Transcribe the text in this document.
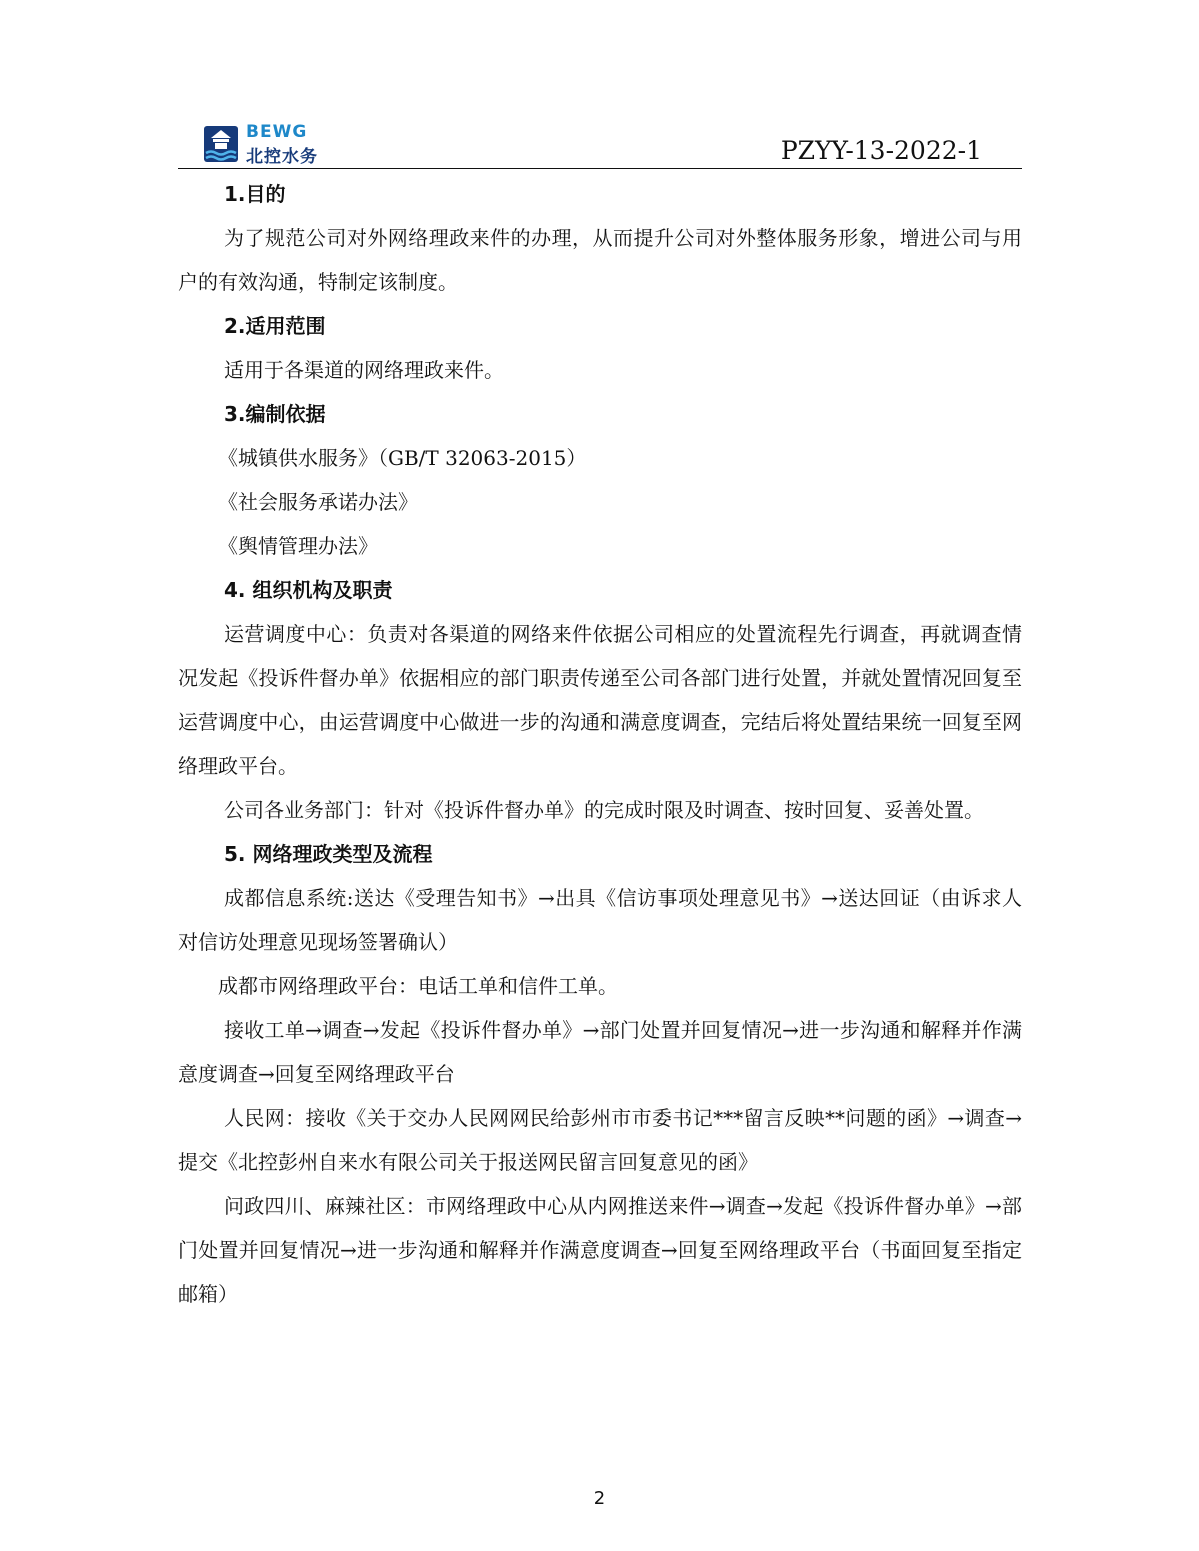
BEWG
北控水务	PZYY-13-2022-1
1.目的
为了规范公司对外网络理政来件的办理，从而提升公司对外整体服务形象，增进公司与用户的有效沟通，特制定该制度。
2.适用范围
适用于各渠道的网络理政来件。
3.编制依据
《城镇供水服务》（GB/T 32063-2015）
《社会服务承诺办法》
《舆情管理办法》
4. 组织机构及职责
运营调度中心：负责对各渠道的网络来件依据公司相应的处置流程先行调查，再就调查情况发起《投诉件督办单》依据相应的部门职责传递至公司各部门进行处置，并就处置情况回复至运营调度中心，由运营调度中心做进一步的沟通和满意度调查，完结后将处置结果统一回复至网络理政平台。
公司各业务部门：针对《投诉件督办单》的完成时限及时调查、按时回复、妥善处置。
5. 网络理政类型及流程
成都信息系统:送达《受理告知书》→出具《信访事项处理意见书》→送达回证（由诉求人对信访处理意见现场签署确认）
成都市网络理政平台：电话工单和信件工单。
接收工单→调查→发起《投诉件督办单》→部门处置并回复情况→进一步沟通和解释并作满意度调查→回复至网络理政平台
人民网：接收《关于交办人民网网民给彭州市市委书记***留言反映**问题的函》→调查→提交《北控彭州自来水有限公司关于报送网民留言回复意见的函》
问政四川、麻辣社区：市网络理政中心从内网推送来件→调查→发起《投诉件督办单》→部门处置并回复情况→进一步沟通和解释并作满意度调查→回复至网络理政平台（书面回复至指定邮箱）
2
